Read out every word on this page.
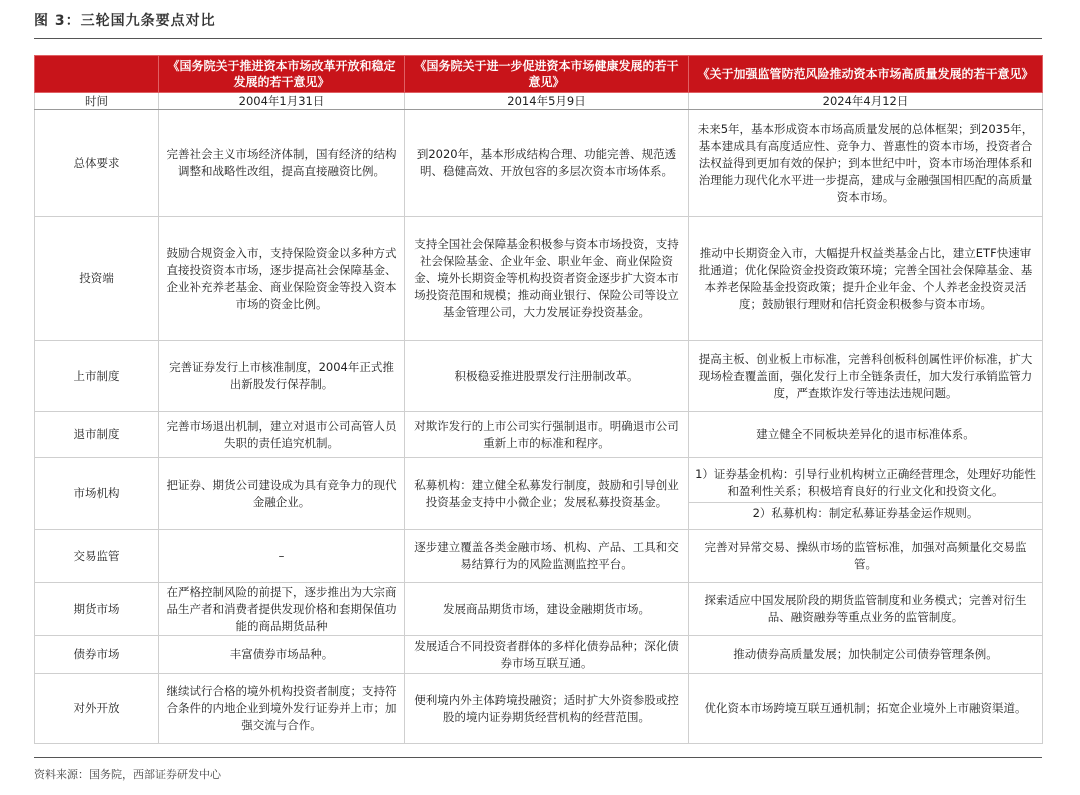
图 3：三轮国九条要点对比
	《国务院关于推进资本市场改革开放和稳定发展的若干意见》	《国务院关于进一步促进资本市场健康发展的若干意见》	《关于加强监管防范风险推动资本市场高质量发展的若干意见》
时间	2004年1月31日	2014年5月9日	2024年4月12日
总体要求	完善社会主义市场经济体制，国有经济的结构调整和战略性改组，提高直接融资比例。	到2020年，基本形成结构合理、功能完善、规范透明、稳健高效、开放包容的多层次资本市场体系。	未来5年，基本形成资本市场高质量发展的总体框架；到2035年，基本建成具有高度适应性、竞争力、普惠性的资本市场，投资者合法权益得到更加有效的保护；到本世纪中叶，资本市场治理体系和治理能力现代化水平进一步提高，建成与金融强国相匹配的高质量资本市场。
投资端	鼓励合规资金入市，支持保险资金以多种方式直接投资资本市场，逐步提高社会保障基金、企业补充养老基金、商业保险资金等投入资本市场的资金比例。	支持全国社会保障基金积极参与资本市场投资，支持社会保险基金、企业年金、职业年金、商业保险资金、境外长期资金等机构投资者资金逐步扩大资本市场投资范围和规模；推动商业银行、保险公司等设立基金管理公司，大力发展证券投资基金。	推动中长期资金入市，大幅提升权益类基金占比，建立ETF快速审批通道；优化保险资金投资政策环境；完善全国社会保障基金、基本养老保险基金投资政策；提升企业年金、个人养老金投资灵活度；鼓励银行理财和信托资金积极参与资本市场。
上市制度	完善证券发行上市核准制度，2004年正式推出新股发行保荐制。	积极稳妥推进股票发行注册制改革。	提高主板、创业板上市标准，完善科创板科创属性评价标准，扩大现场检查覆盖面，强化发行上市全链条责任，加大发行承销监管力度，严查欺诈发行等违法违规问题。
退市制度	完善市场退出机制，建立对退市公司高管人员失职的责任追究机制。	对欺诈发行的上市公司实行强制退市。明确退市公司重新上市的标准和程序。	建立健全不同板块差异化的退市标准体系。
市场机构	把证券、期货公司建设成为具有竞争力的现代金融企业。	私募机构：建立健全私募发行制度，鼓励和引导创业投资基金支持中小微企业；发展私募投资基金。	1）证券基金机构：引导行业机构树立正确经营理念，处理好功能性和盈利性关系；积极培育良好的行业文化和投资文化。
2）私募机构：制定私募证券基金运作规则。

交易监管	–	逐步建立覆盖各类金融市场、机构、产品、工具和交易结算行为的风险监测监控平台。	完善对异常交易、操纵市场的监管标准，加强对高频量化交易监管。
期货市场	在严格控制风险的前提下，逐步推出为大宗商品生产者和消费者提供发现价格和套期保值功能的商品期货品种	发展商品期货市场，建设金融期货市场。	探索适应中国发展阶段的期货监管制度和业务模式；完善对衍生品、融资融券等重点业务的监管制度。
债券市场	丰富债券市场品种。	发展适合不同投资者群体的多样化债券品种；深化债券市场互联互通。	推动债券高质量发展；加快制定公司债券管理条例。
对外开放	继续试行合格的境外机构投资者制度；支持符合条件的内地企业到境外发行证券并上市；加强交流与合作。	便利境内外主体跨境投融资；适时扩大外资参股或控股的境内证券期货经营机构的经营范围。	优化资本市场跨境互联互通机制；拓宽企业境外上市融资渠道。
资料来源：国务院，西部证券研发中心
